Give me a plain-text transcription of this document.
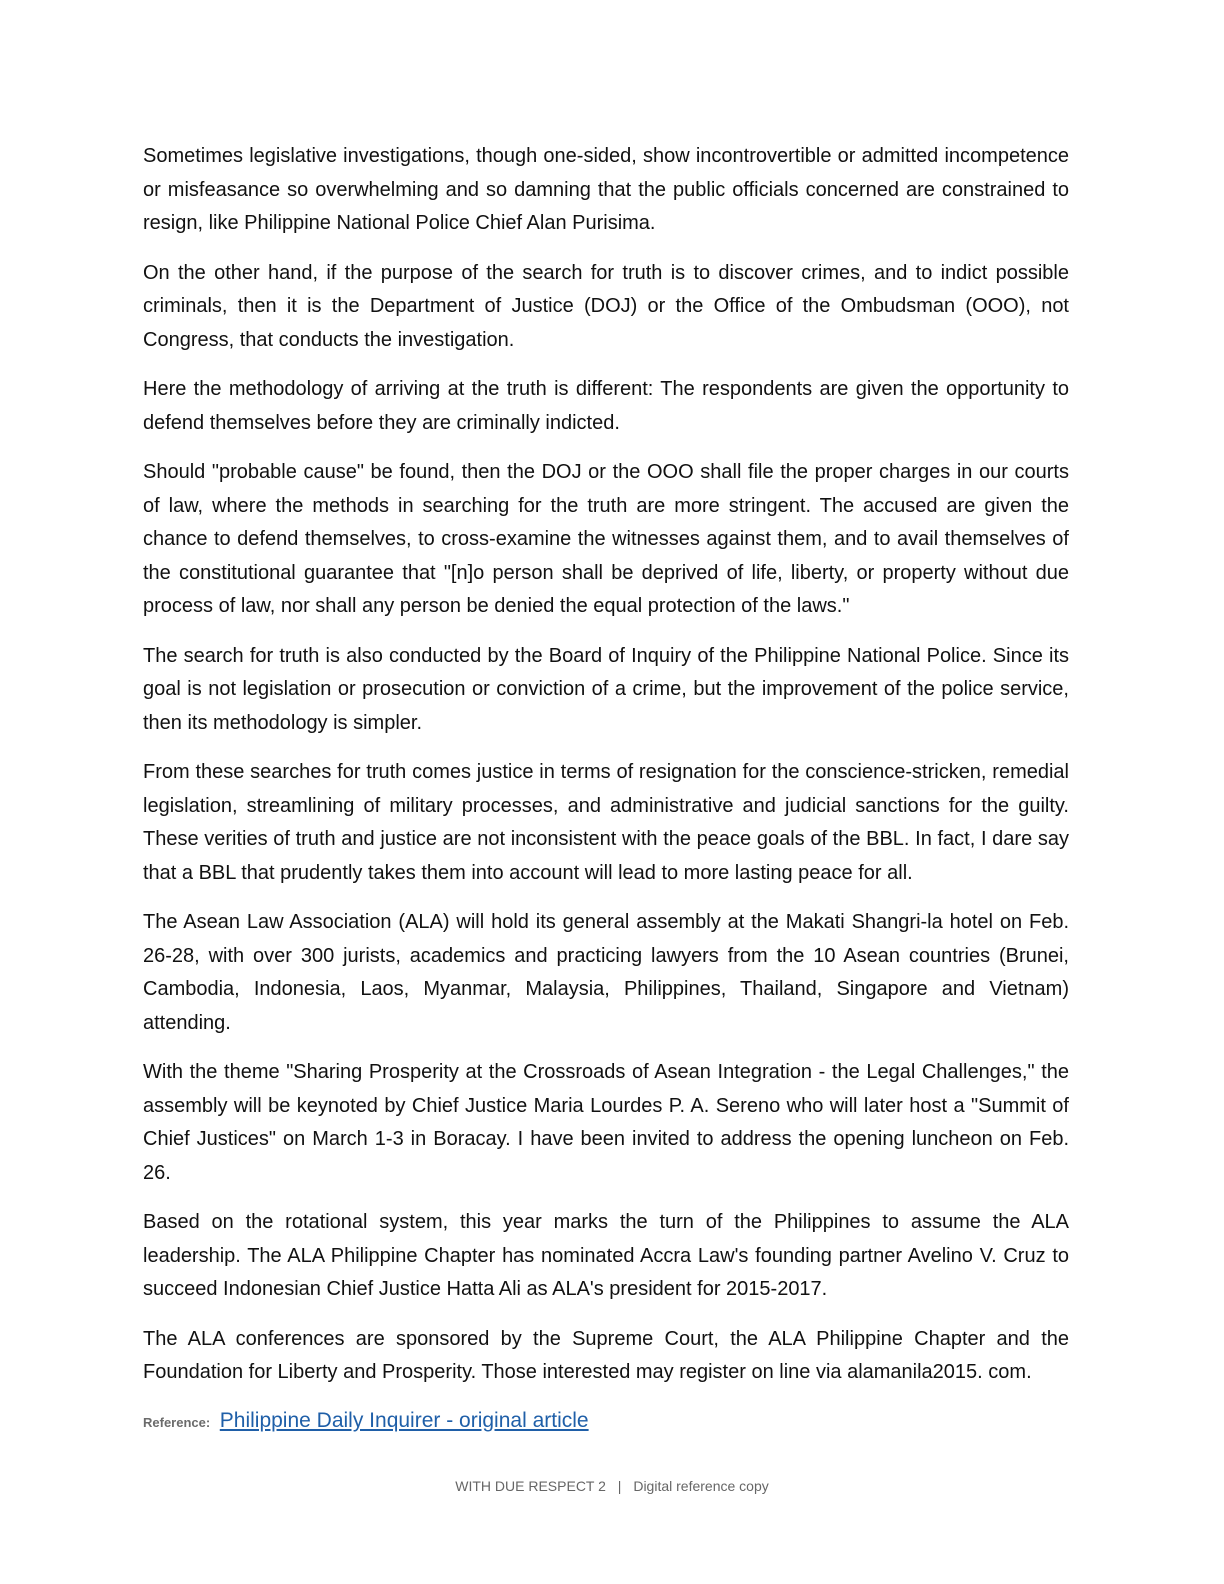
Sometimes legislative investigations, though one-sided, show incontrovertible or admitted incompetence or misfeasance so overwhelming and so damning that the public officials concerned are constrained to resign, like Philippine National Police Chief Alan Purisima.

On the other hand, if the purpose of the search for truth is to discover crimes, and to indict possible criminals, then it is the Department of Justice (DOJ) or the Office of the Ombudsman (OOO), not Congress, that conducts the investigation.

Here the methodology of arriving at the truth is different: The respondents are given the opportunity to defend themselves before they are criminally indicted.

Should "probable cause" be found, then the DOJ or the OOO shall file the proper charges in our courts of law, where the methods in searching for the truth are more stringent. The accused are given the chance to defend themselves, to cross-examine the witnesses against them, and to avail themselves of the constitutional guarantee that "[n]o person shall be deprived of life, liberty, or property without due process of law, nor shall any person be denied the equal protection of the laws."

The search for truth is also conducted by the Board of Inquiry of the Philippine National Police. Since its goal is not legislation or prosecution or conviction of a crime, but the improvement of the police service, then its methodology is simpler.

From these searches for truth comes justice in terms of resignation for the conscience-stricken, remedial legislation, streamlining of military processes, and administrative and judicial sanctions for the guilty. These verities of truth and justice are not inconsistent with the peace goals of the BBL. In fact, I dare say that a BBL that prudently takes them into account will lead to more lasting peace for all.

The Asean Law Association (ALA) will hold its general assembly at the Makati Shangri-la hotel on Feb. 26-28, with over 300 jurists, academics and practicing lawyers from the 10 Asean countries (Brunei, Cambodia, Indonesia, Laos, Myanmar, Malaysia, Philippines, Thailand, Singapore and Vietnam) attending.

With the theme "Sharing Prosperity at the Crossroads of Asean Integration - the Legal Challenges," the assembly will be keynoted by Chief Justice Maria Lourdes P. A. Sereno who will later host a "Summit of Chief Justices" on March 1-3 in Boracay. I have been invited to address the opening luncheon on Feb. 26.

Based on the rotational system, this year marks the turn of the Philippines to assume the ALA leadership. The ALA Philippine Chapter has nominated Accra Law's founding partner Avelino V. Cruz to succeed Indonesian Chief Justice Hatta Ali as ALA's president for 2015-2017.

The ALA conferences are sponsored by the Supreme Court, the ALA Philippine Chapter and the Foundation for Liberty and Prosperity. Those interested may register on line via alamanila2015. com.

Reference: Philippine Daily Inquirer - original article
WITH DUE RESPECT 2 | Digital reference copy
